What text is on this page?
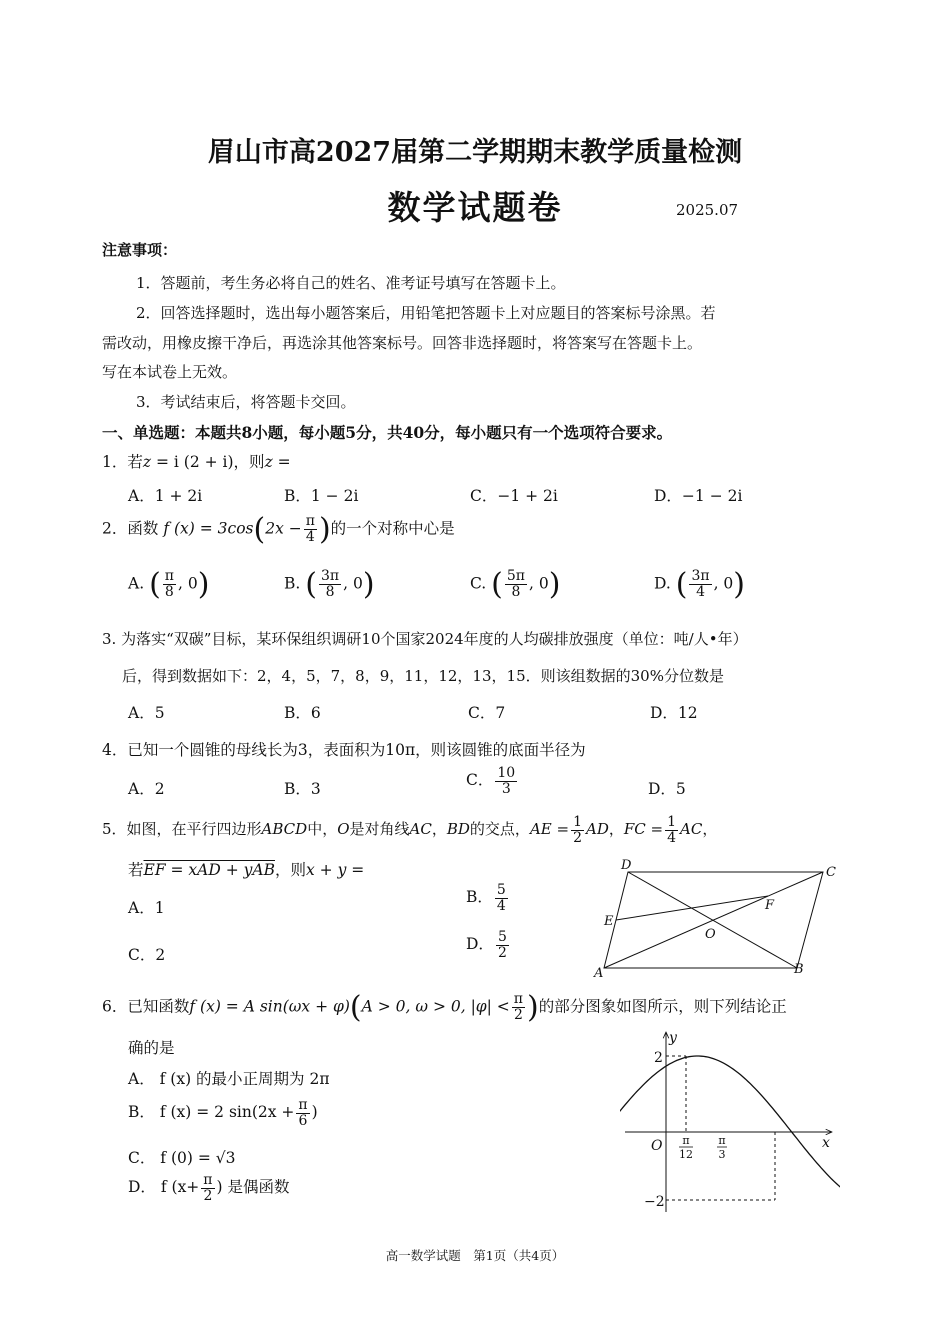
眉山市高2027届第二学期期末教学质量检测
数学试题卷	2025.07
注意事项：
1．答题前，考生务必将自己的姓名、准考证号填写在答题卡上。
2．回答选择题时，选出每小题答案后，用铅笔把答题卡上对应题目的答案标号涂黑。若
需改动，用橡皮擦干净后，再选涂其他答案标号。回答非选择题时，将答案写在答题卡上。
写在本试卷上无效。
3．考试结束后，将答题卡交回。
一、单选题：本题共8小题，每小题5分，共40分，每小题只有一个选项符合要求。
1．若z = i (2 + i)，则z =
A．1 + 2i	B．1 − 2i	C．−1 + 2i	D．−1 − 2i
2．函数 f $(x) = 3\cos(2x - \frac{\pi}{4}$ )的一个对称中心是
A. ( $\frac{\pi}{8}$ , 0)	B. ( $\frac{3\pi}{8}$ , 0)	C. ( $\frac{5\pi}{8}$ , 0)	D. ( $\frac{3\pi}{4}$ , 0)
3. 为落实“双碳”目标，某环保组织调研10个国家2024年度的人均碳排放强度（单位：吨/人•年）
后，得到数据如下：2，4，5，7，8，9，11，12，13，15．则该组数据的30%分位数是
A．5	B．6	C．7	D．12
4．已知一个圆锥的母线长为3，表面积为10π，则该圆锥的底面半径为
A．2	B．3	C． $\frac{10}{3}$	D．5
5．如图，在平行四边形ABCD中，O是对角线AC，BD的交点，AE = $\frac{1}{2}$ AD，FC = $\frac{1}{4}$ AC，
若EF = xAD + yAB，则x + y =
A．1
B． $\frac{5}{4}$
C．2
D． $\frac{5}{2}$
A	B
C
D
E
F
O
6．已知函数f (x) = A sin(ωx + φ)(A > 0, ω > 0, $|\varphi| < \frac{\pi}{2}$ )的部分图象如图所示，则下列结论正
确的是
A． f (x) 的最小正周期为 2π
B． f (x) = 2 $\sin(2x + \frac{\pi}{6}$ )
C． f (0) = √3
D． f ($x+ \frac{\pi}{2}$ ) 是偶函数
y
x
O
2
−2
π
12
π
3
高一数学试题　第1页（共4页）
